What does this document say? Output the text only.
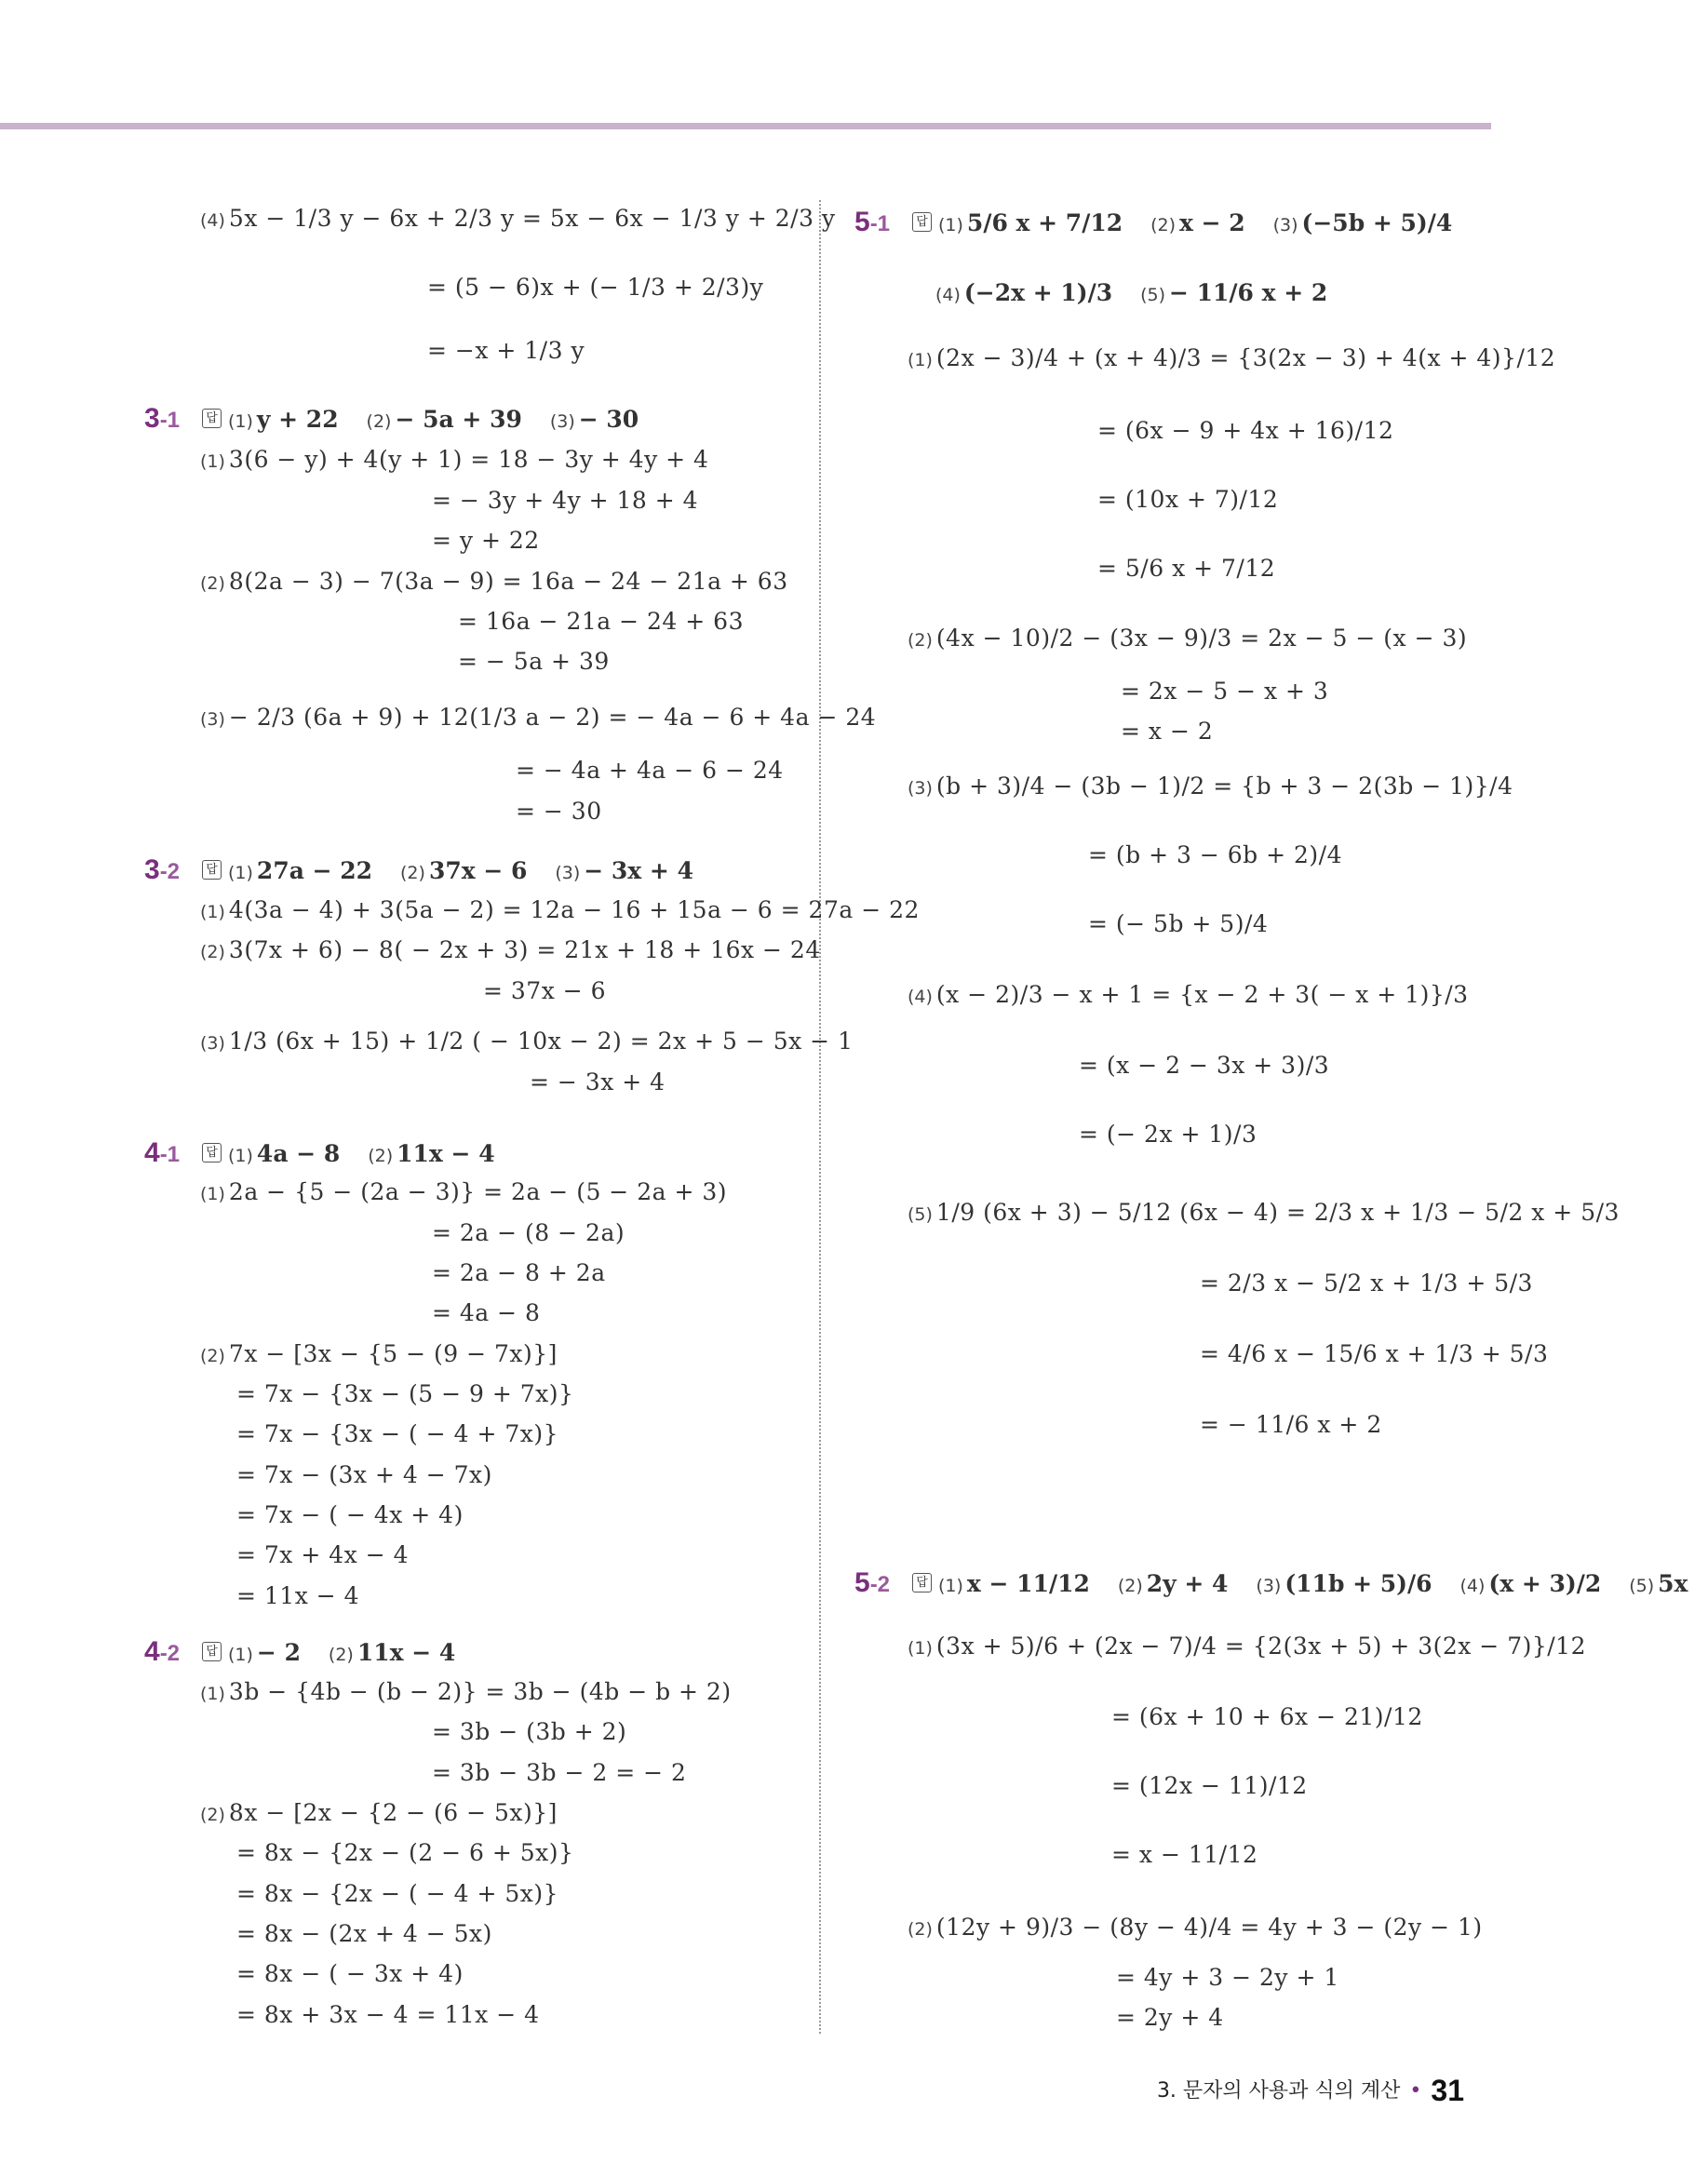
(4) 5x − 1/3 y − 6x + 2/3 y = 5x − 6x − 1/3 y + 2/3 y
= (5 − 6)x + (− 1/3 + 2/3)y
= −x + 1/3 y
3-1	답 (1) y + 22 (2) − 5a + 39 (3) − 30
(1) 3(6 − y) + 4(y + 1) = 18 − 3y + 4y + 4
= − 3y + 4y + 18 + 4
= y + 22
(2) 8(2a − 3) − 7(3a − 9) = 16a − 24 − 21a + 63
= 16a − 21a − 24 + 63
= − 5a + 39
(3) − 2/3 (6a + 9) + 12(1/3 a − 2) = − 4a − 6 + 4a − 24
= − 4a + 4a − 6 − 24
= − 30
3-2	답 (1) 27a − 22 (2) 37x − 6 (3) − 3x + 4
(1) 4(3a − 4) + 3(5a − 2) = 12a − 16 + 15a − 6 = 27a − 22
(2) 3(7x + 6) − 8( − 2x + 3) = 21x + 18 + 16x − 24
= 37x − 6
(3) 1/3 (6x + 15) + 1/2 ( − 10x − 2) = 2x + 5 − 5x − 1
= − 3x + 4
4-1	답 (1) 4a − 8 (2) 11x − 4
(1) 2a − {5 − (2a − 3)} = 2a − (5 − 2a + 3)
= 2a − (8 − 2a)
= 2a − 8 + 2a
= 4a − 8
(2) 7x − [3x − {5 − (9 − 7x)}]
= 7x − {3x − (5 − 9 + 7x)}
= 7x − {3x − ( − 4 + 7x)}
= 7x − (3x + 4 − 7x)
= 7x − ( − 4x + 4)
= 7x + 4x − 4
= 11x − 4
4-2	답 (1) − 2 (2) 11x − 4
(1) 3b − {4b − (b − 2)} = 3b − (4b − b + 2)
= 3b − (3b + 2)
= 3b − 3b − 2 = − 2
(2) 8x − [2x − {2 − (6 − 5x)}]
= 8x − {2x − (2 − 6 + 5x)}
= 8x − {2x − ( − 4 + 5x)}
= 8x − (2x + 4 − 5x)
= 8x − ( − 3x + 4)
= 8x + 3x − 4 = 11x − 4
5-1	답 (1) 5/6 x + 7/12 (2) x − 2 (3) (−5b + 5)/4
(4) (−2x + 1)/3 (5) − 11/6 x + 2
(1) (2x − 3)/4 + (x + 4)/3 = {3(2x − 3) + 4(x + 4)}/12
= (6x − 9 + 4x + 16)/12
= (10x + 7)/12
= 5/6 x + 7/12
(2) (4x − 10)/2 − (3x − 9)/3 = 2x − 5 − (x − 3)
= 2x − 5 − x + 3
= x − 2
(3) (b + 3)/4 − (3b − 1)/2 = {b + 3 − 2(3b − 1)}/4
= (b + 3 − 6b + 2)/4
= (− 5b + 5)/4
(4) (x − 2)/3 − x + 1 = {x − 2 + 3( − x + 1)}/3
= (x − 2 − 3x + 3)/3
= (− 2x + 1)/3
(5) 1/9 (6x + 3) − 5/12 (6x − 4) = 2/3 x + 1/3 − 5/2 x + 5/3
= 2/3 x − 5/2 x + 1/3 + 5/3
= 4/6 x − 15/6 x + 1/3 + 5/3
= − 11/6 x + 2
5-2	답 (1) x − 11/12 (2) 2y + 4 (3) (11b + 5)/6 (4) (x + 3)/2 (5) 5x
(1) (3x + 5)/6 + (2x − 7)/4 = {2(3x + 5) + 3(2x − 7)}/12
= (6x + 10 + 6x − 21)/12
= (12x − 11)/12
= x − 11/12
(2) (12y + 9)/3 − (8y − 4)/4 = 4y + 3 − (2y − 1)
= 4y + 3 − 2y + 1
= 2y + 4
3. 문자의 사용과 식의 계산 • 31
